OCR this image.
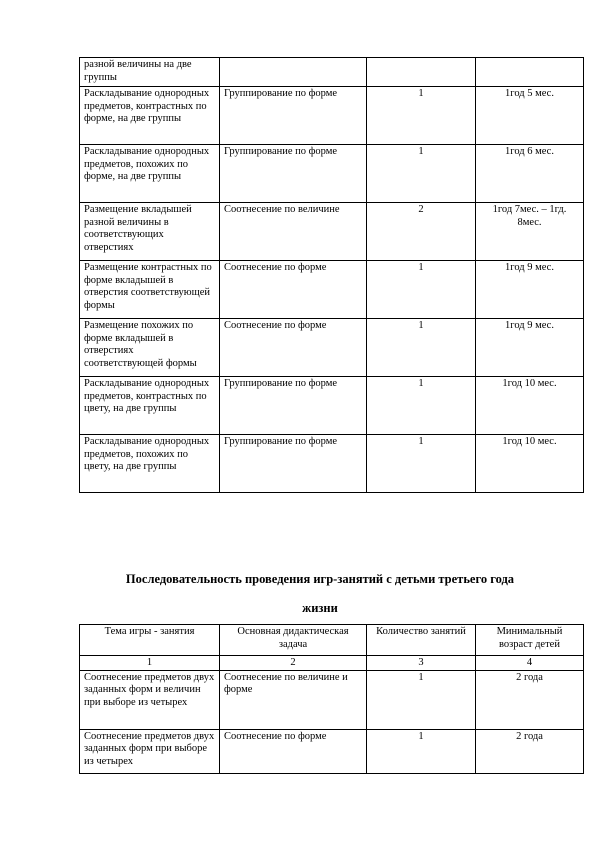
разной величины на две группы			
Раскладывание однородных предметов, контрастных по форме, на две группы	Группирование по форме	1	1год 5 мес.
Раскладывание однородных предметов, похожих по форме, на две группы	Группирование по форме	1	1год 6 мес.
Размещение вкладышей разной величины в соответствующих отверстиях	Соотнесение по величине	2	1год 7мес. – 1гд. 8мес.
Размещение контрастных по форме вкладышей в отверстия соответствующей формы	Соотнесение по форме	1	1год 9 мес.
Размещение похожих по форме вкладышей в отверстиях соответствующей формы	Соотнесение по форме	1	1год 9 мес.
Раскладывание однородных предметов, контрастных по цвету, на две группы	Группирование по форме	1	1год 10 мес.
Раскладывание однородных предметов, похожих по цвету, на две группы	Группирование по форме	1	1год 10 мес.
Последовательность проведения игр-занятий с детьми третьего года
жизни
Тема игры - занятия	Основная дидактическая задача	Количество занятий	Минимальный возраст детей
1	2	3	4
Соотнесение предметов двух заданных форм и величин при выборе из четырех	Соотнесение по величине и форме	1	2 года
Соотнесение предметов двух заданных форм при выборе из четырех	Соотнесение по форме	1	2 года
